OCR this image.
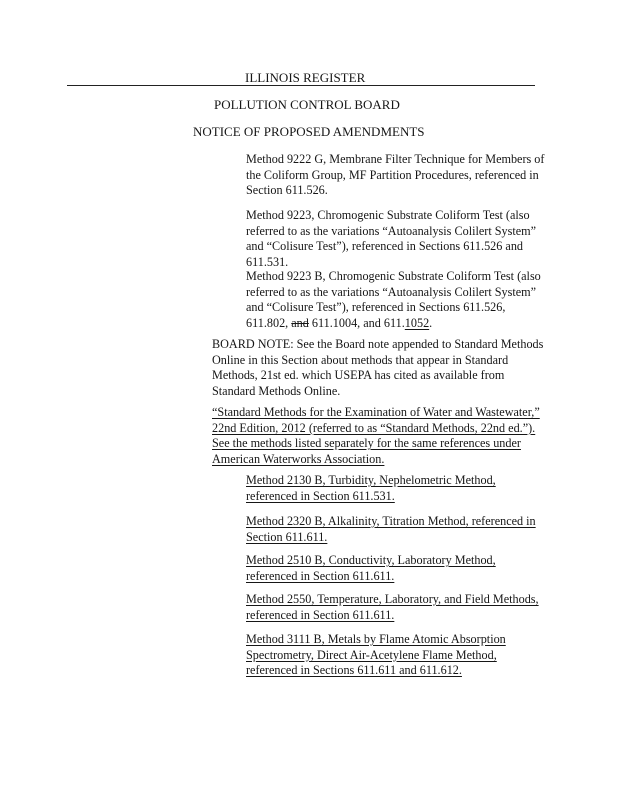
ILLINOIS REGISTER
POLLUTION CONTROL BOARD
NOTICE OF PROPOSED AMENDMENTS
Method 9222 G, Membrane Filter Technique for Members of the Coliform Group, MF Partition Procedures, referenced in Section 611.526.
Method 9223, Chromogenic Substrate Coliform Test (also referred to as the variations “Autoanalysis Colilert System” and “Colisure Test”), referenced in Sections 611.526 and 611.531.
Method 9223 B, Chromogenic Substrate Coliform Test (also referred to as the variations “Autoanalysis Colilert System” and “Colisure Test”), referenced in Sections 611.526, 611.802, and 611.1004, and 611.1052.
BOARD NOTE: See the Board note appended to Standard Methods Online in this Section about methods that appear in Standard Methods, 21st ed. which USEPA has cited as available from Standard Methods Online.
“Standard Methods for the Examination of Water and Wastewater,” 22nd Edition, 2012 (referred to as “Standard Methods, 22nd ed.”). See the methods listed separately for the same references under American Waterworks Association.
Method 2130 B, Turbidity, Nephelometric Method, referenced in Section 611.531.
Method 2320 B, Alkalinity, Titration Method, referenced in Section 611.611.
Method 2510 B, Conductivity, Laboratory Method, referenced in Section 611.611.
Method 2550, Temperature, Laboratory, and Field Methods, referenced in Section 611.611.
Method 3111 B, Metals by Flame Atomic Absorption Spectrometry, Direct Air-Acetylene Flame Method, referenced in Sections 611.611 and 611.612.
